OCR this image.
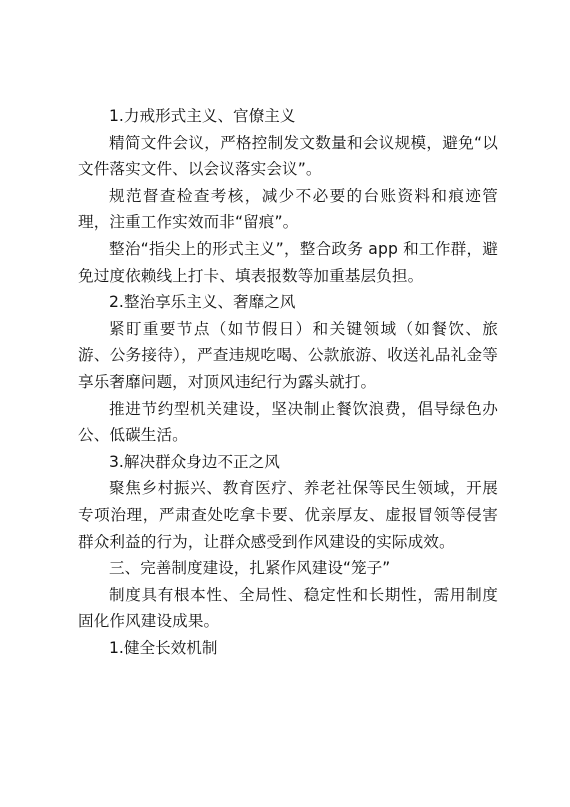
1.力戒形式主义、官僚主义

精简文件会议，严格控制发文数量和会议规模，避免“以文件落实文件、以会议落实会议”。

规范督查检查考核，减少不必要的台账资料和痕迹管理，注重工作实效而非“留痕”。

整治“指尖上的形式主义”，整合政务 app 和工作群，避免过度依赖线上打卡、填表报数等加重基层负担。

2.整治享乐主义、奢靡之风

紧盯重要节点（如节假日）和关键领域（如餐饮、旅游、公务接待），严查违规吃喝、公款旅游、收送礼品礼金等享乐奢靡问题，对顶风违纪行为露头就打。

推进节约型机关建设，坚决制止餐饮浪费，倡导绿色办公、低碳生活。

3.解决群众身边不正之风

聚焦乡村振兴、教育医疗、养老社保等民生领域，开展专项治理，严肃查处吃拿卡要、优亲厚友、虚报冒领等侵害群众利益的行为，让群众感受到作风建设的实际成效。

三、完善制度建设，扎紧作风建设“笼子”

制度具有根本性、全局性、稳定性和长期性，需用制度固化作风建设成果。

1.健全长效机制
